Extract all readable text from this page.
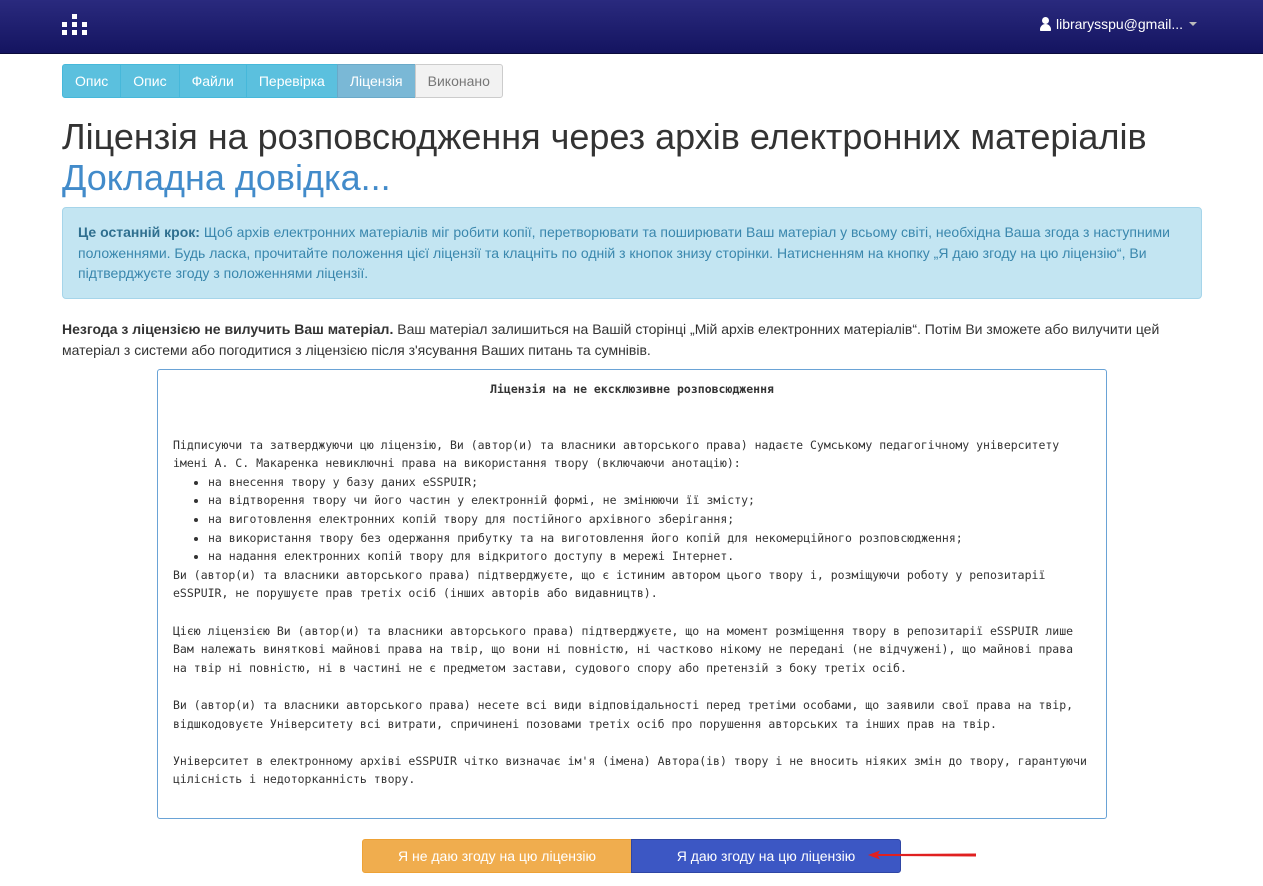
librarysspu@gmail...
Опис	Опис	Файли	Перевірка	Ліцензія	Виконано
Ліцензія на розповсюдження через архів електронних матеріалів
Докладна довідка...
Це останній крок: Щоб архів електронних матеріалів міг робити копії, перетворювати та поширювати Ваш матеріал у всьому світі, необхідна Ваша згода з наступними положеннями. Будь ласка, прочитайте положення цієї ліцензії та клацніть по одній з кнопок знизу сторінки. Натисненням на кнопку „Я даю згоду на цю ліцензію“, Ви підтверджуєте згоду з положеннями ліцензії.
Незгода з ліцензією не вилучить Ваш матеріал. Ваш матеріал залишиться на Вашій сторінці „Мій архів електронних матеріалів“. Потім Ви зможете або вилучити цей матеріал з системи або погодитися з ліцензією після з'ясування Ваших питань та сумнівів.

Ліцензія на не ексклюзивне розповсюдження

Підписуючи та затверджуючи цю ліцензію, Ви (автор(и) та власники авторського права) надаєте Сумському педагогічному університету імені А. С. Макаренка невиключні права на використання твору (включаючи анотацію):

• на внесення твору у базу даних eSSPUIR;
• на відтворення твору чи його частин у електронній формі, не змінюючи її змісту;
• на виготовлення електронних копій твору для постійного архівного зберігання;
• на використання твору без одержання прибутку та на виготовлення його копій для некомерційного розповсюдження;
• на надання електронних копій твору для відкритого доступу в мережі Інтернет.

Ви (автор(и) та власники авторського права) підтверджуєте, що є істиним автором цього твору і, розміщуючи роботу у репозитарії eSSPUIR, не порушуєте прав третіх осіб (інших авторів або видавництв).

Цією ліцензією Ви (автор(и) та власники авторського права) підтверджуєте, що на момент розміщення твору в репозитарії eSSPUIR лише Вам належать виняткові майнові права на твір, що вони ні повністю, ні частково нікому не передані (не відчужені), що майнові права на твір ні повністю, ні в частині не є предметом застави, судового спору або претензій з боку третіх осіб.

Ви (автор(и) та власники авторського права) несете всі види відповідальності перед третіми особами, що заявили свої права на твір, відшкодовуєте Університету всі витрати, спричинені позовами третіх осіб про порушення авторських та інших прав на твір.

Університет в електронному архіві eSSPUIR чітко визначає ім'я (імена) Автора(ів) твору і не вносить ніяких змін до твору, гарантуючи цілісність і недоторканність твору.

Я не даю згоду на цю ліцензію	Я даю згоду на цю ліцензію
